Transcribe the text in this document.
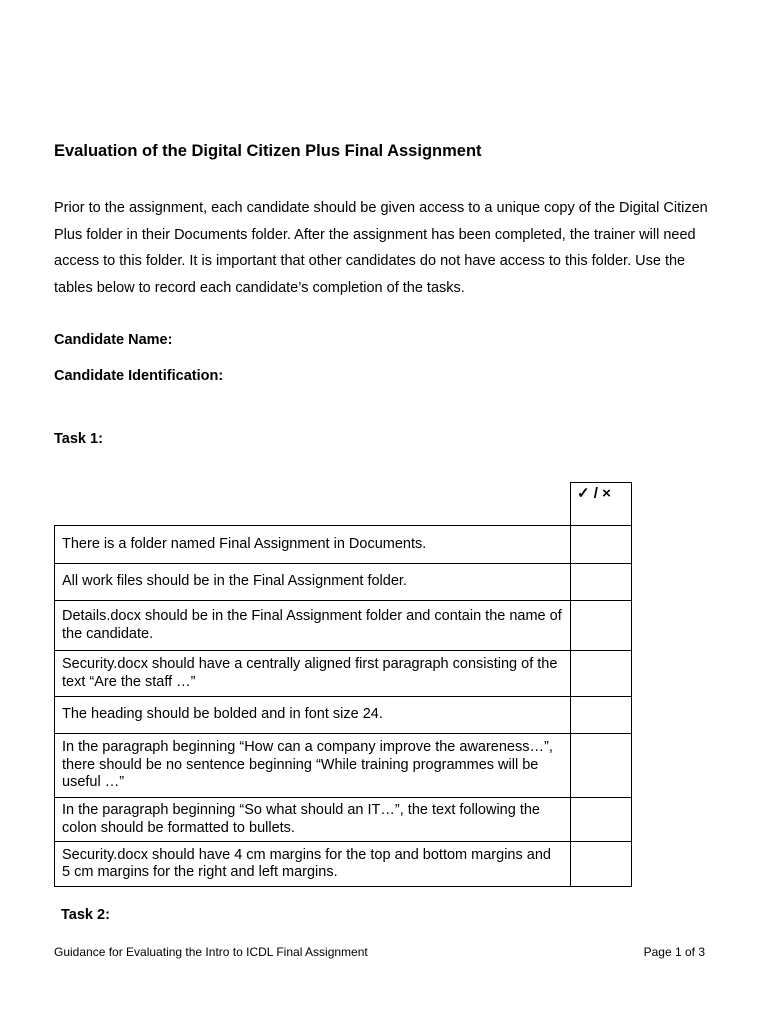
Evaluation of the Digital Citizen Plus Final Assignment

Prior to the assignment, each candidate should be given access to a unique copy of the Digital Citizen Plus folder in their Documents folder. After the assignment has been completed, the trainer will need access to this folder. It is important that other candidates do not have access to this folder. Use the tables below to record each candidate’s completion of the tasks.

Candidate Name:

Candidate Identification:

Task 1:

	✓ / ×
There is a folder named Final Assignment in Documents.	
All work files should be in the Final Assignment folder.	
Details.docx should be in the Final Assignment folder and contain the name of the candidate.	
Security.docx should have a centrally aligned first paragraph consisting of the text “Are the staff …”	
The heading should be bolded and in font size 24.	
In the paragraph beginning “How can a company improve the awareness…”, there should be no sentence beginning “While training programmes will be useful …”	
In the paragraph beginning “So what should an IT…”, the text following the colon should be formatted to bullets.	
Security.docx should have 4 cm margins for the top and bottom margins and 5 cm margins for the right and left margins.	

Task 2:

Guidance for Evaluating the Intro to ICDL Final Assignment	Page 1 of 3
